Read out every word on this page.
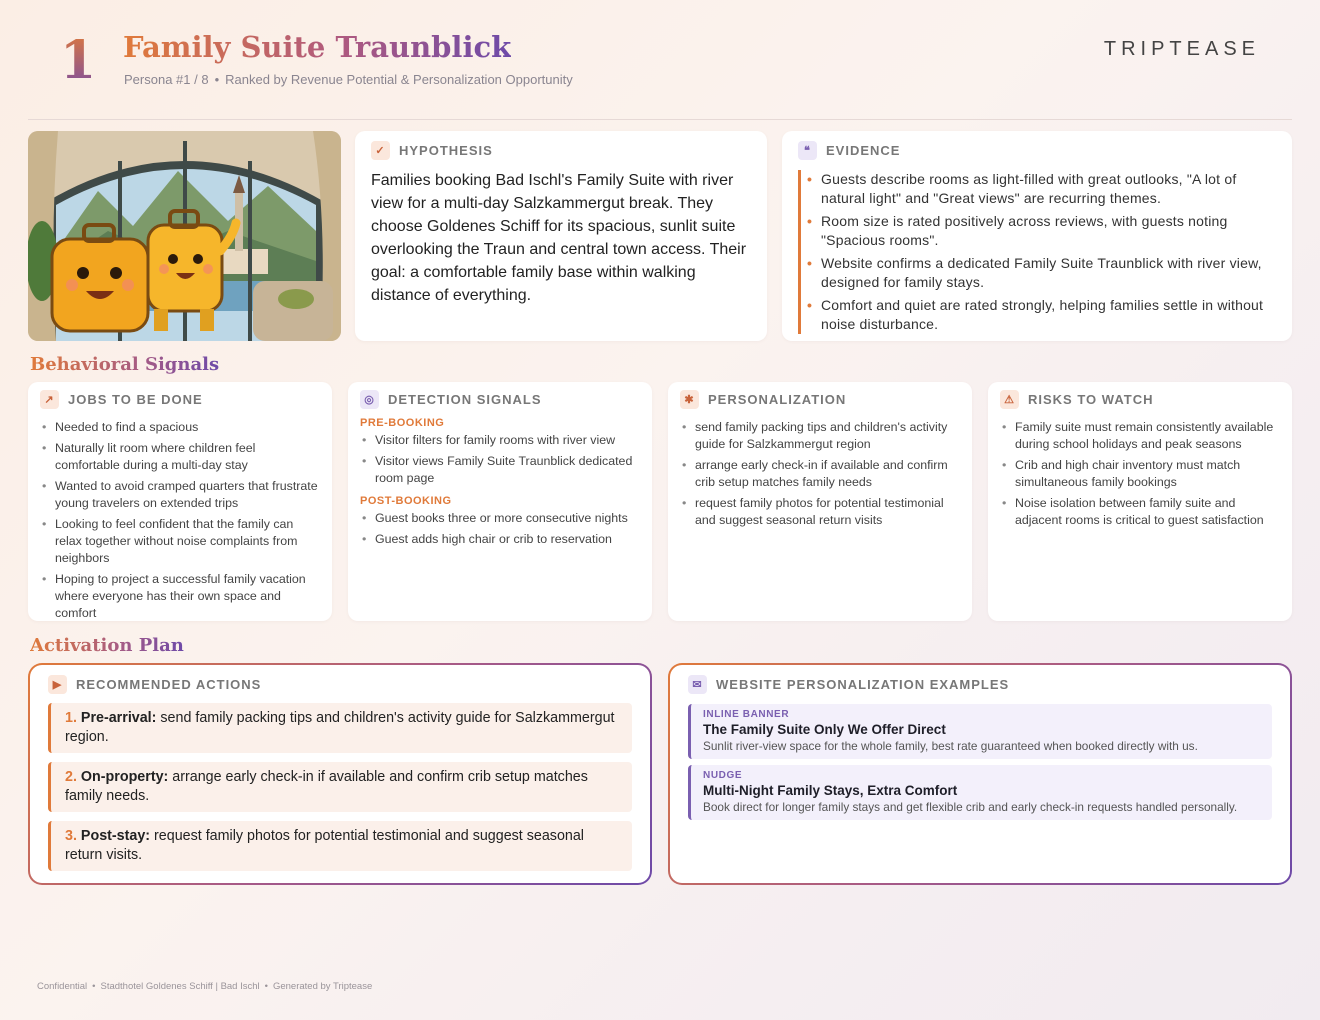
1 Family Suite Traunblick
Persona #1 / 8 • Ranked by Revenue Potential & Personalization Opportunity
TRIPTEASE
✓	HYPOTHESIS
Families booking Bad Ischl's Family Suite with river view for a multi-day Salzkammergut break. They choose Goldenes Schiff for its spacious, sunlit suite overlooking the Traun and central town access. Their goal: a comfortable family base within walking distance of everything.
❝	EVIDENCE
• Guests describe rooms as light-filled with great outlooks, "A lot of natural light" and "Great views" are recurring themes.
• Room size is rated positively across reviews, with guests noting "Spacious rooms".
• Website confirms a dedicated Family Suite Traunblick with river view, designed for family stays.
• Comfort and quiet are rated strongly, helping families settle in without noise disturbance.
Behavioral Signals
↗	JOBS TO BE DONE
• Needed to find a spacious
• Naturally lit room where children feel comfortable during a multi-day stay
• Wanted to avoid cramped quarters that frustrate young travelers on extended trips
• Looking to feel confident that the family can relax together without noise complaints from neighbors
• Hoping to project a successful family vacation where everyone has their own space and comfort
◎	DETECTION SIGNALS
PRE-BOOKING
• Visitor filters for family rooms with river view
• Visitor views Family Suite Traunblick dedicated room page
POST-BOOKING
• Guest books three or more consecutive nights
• Guest adds high chair or crib to reservation
✱	PERSONALIZATION
• send family packing tips and children's activity guide for Salzkammergut region
• arrange early check-in if available and confirm crib setup matches family needs
• request family photos for potential testimonial and suggest seasonal return visits
⚠	RISKS TO WATCH
• Family suite must remain consistently available during school holidays and peak seasons
• Crib and high chair inventory must match simultaneous family bookings
• Noise isolation between family suite and adjacent rooms is critical to guest satisfaction
Activation Plan
▶	RECOMMENDED ACTIONS
1. Pre-arrival: send family packing tips and children's activity guide for Salzkammergut region.
2. On-property: arrange early check-in if available and confirm crib setup matches family needs.
3. Post-stay: request family photos for potential testimonial and suggest seasonal return visits.
✉	WEBSITE PERSONALIZATION EXAMPLES
INLINE BANNER
The Family Suite Only We Offer Direct
Sunlit river-view space for the whole family, best rate guaranteed when booked directly with us.
NUDGE
Multi-Night Family Stays, Extra Comfort
Book direct for longer family stays and get flexible crib and early check-in requests handled personally.
Confidential • Stadthotel Goldenes Schiff | Bad Ischl • Generated by Triptease
